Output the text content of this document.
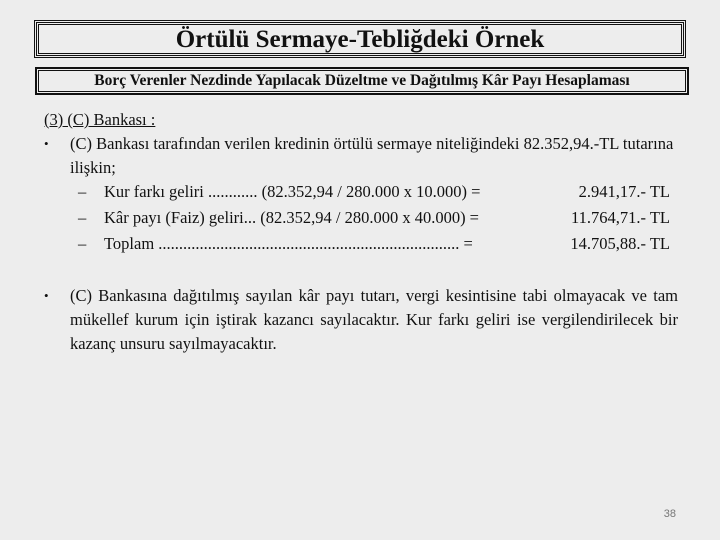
Örtülü Sermaye-Tebliğdeki Örnek
Borç Verenler Nezdinde Yapılacak Düzeltme ve Dağıtılmış Kâr Payı Hesaplaması
(3) (C) Bankası :
•	(C) Bankası tarafından verilen kredinin örtülü sermaye niteliğindeki 82.352,94.-TL tutarına ilişkin;
– Kur farkı geliri ............ (82.352,94 / 280.000 x 10.000) =	2.941,17.- TL
– Kâr payı (Faiz) geliri... (82.352,94 / 280.000 x 40.000) =	11.764,71.- TL
– Toplam ......................................................................... =	14.705,88.- TL
•	(C) Bankasına dağıtılmış sayılan kâr payı tutarı, vergi kesintisine tabi olmayacak ve tam mükellef kurum için iştirak kazancı sayılacaktır. Kur farkı geliri ise vergilendirilecek bir kazanç unsuru sayılmayacaktır.
38
